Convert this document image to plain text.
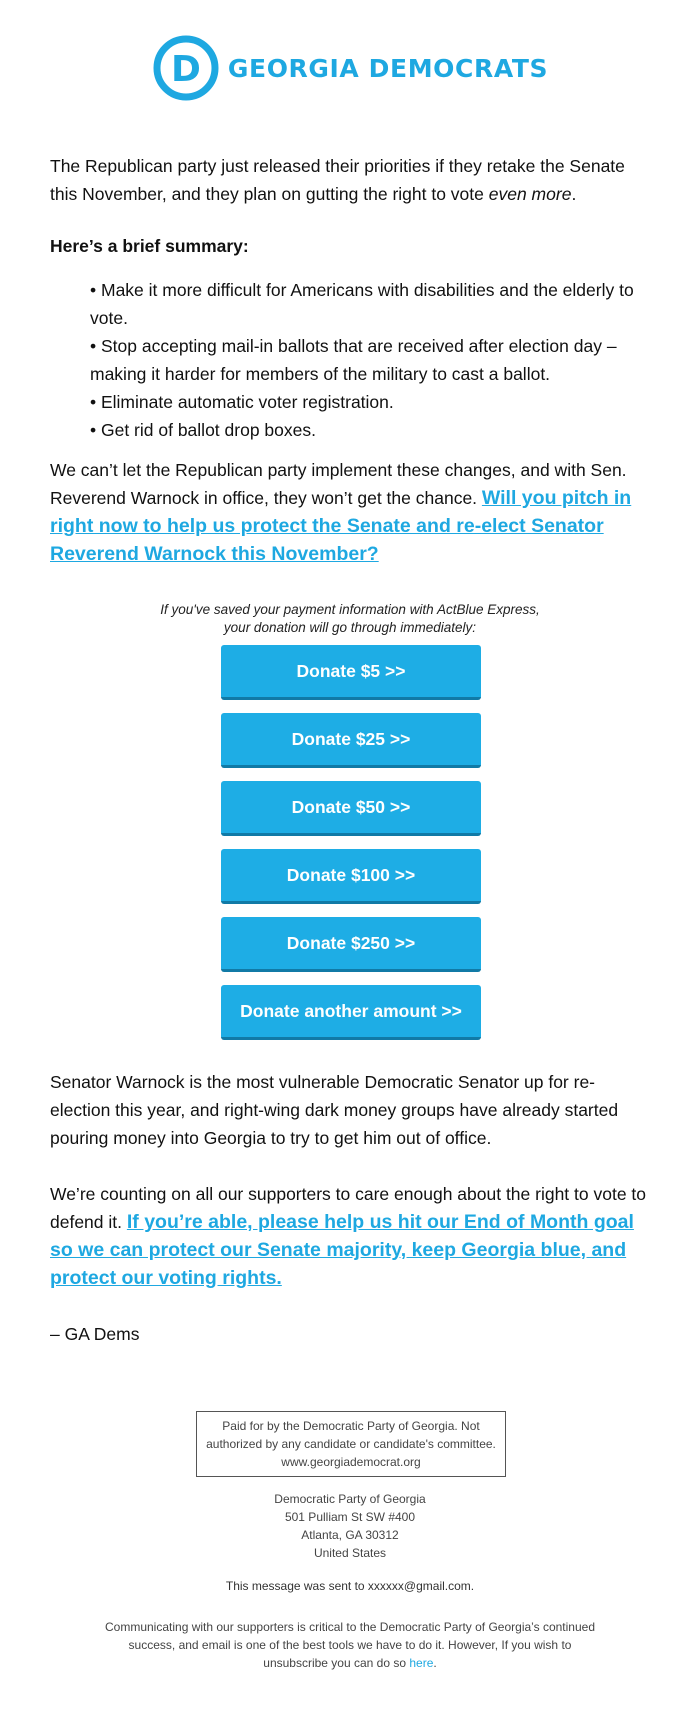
D GEORGIA DEMOCRATS

The Republican party just released their priorities if they retake the Senate this November, and they plan on gutting the right to vote even more.

Here’s a brief summary:

• Make it more difficult for Americans with disabilities and the elderly to vote.
• Stop accepting mail-in ballots that are received after election day – making it harder for members of the military to cast a ballot.
• Eliminate automatic voter registration.
• Get rid of ballot drop boxes.

We can’t let the Republican party implement these changes, and with Sen. Reverend Warnock in office, they won’t get the chance. Will you pitch in right now to help us protect the Senate and re-elect Senator Reverend Warnock this November?

If you've saved your payment information with ActBlue Express,
your donation will go through immediately:
Donate $5 >>
Donate $25 >>
Donate $50 >>
Donate $100 >>
Donate $250 >>
Donate another amount >>

Senator Warnock is the most vulnerable Democratic Senator up for re-election this year, and right-wing dark money groups have already started pouring money into Georgia to try to get him out of office.

We’re counting on all our supporters to care enough about the right to vote to defend it. If you’re able, please help us hit our End of Month goal so we can protect our Senate majority, keep Georgia blue, and protect our voting rights.

– GA Dems

Paid for by the Democratic Party of Georgia. Not authorized by any candidate or candidate's committee.
www.georgiademocrat.org
Democratic Party of Georgia
501 Pulliam St SW #400
Atlanta, GA 30312
United States
This message was sent to xxxxxx@gmail.com.
Communicating with our supporters is critical to the Democratic Party of Georgia’s continued success, and email is one of the best tools we have to do it. However, If you wish to unsubscribe you can do so here.
